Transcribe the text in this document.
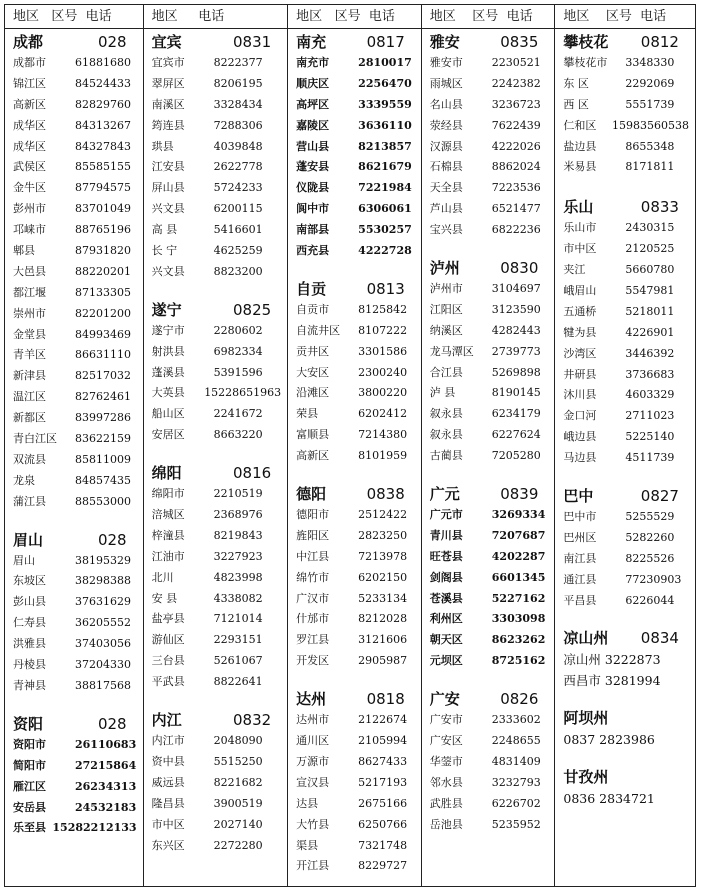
地区   区号  电话
成都	028
成都市	61881680
锦江区	84524433
高新区	82829760
成华区	84313267
成华区	84327843
武侯区	85585155
金牛区	87794575
彭州市	83701049
邛崃市	88765196
郫县	87931820
大邑县	88220201
都江堰	87133305
崇州市	82201200
金堂县	84993469
青羊区	86631110
新津县	82517032
温江区	82762461
新都区	83997286
青白江区	83622159
双流县	85811009
龙泉	84857435
蒲江县	88553000
眉山	028
眉山	38195329
东坡区	38298388
彭山县	37631629
仁寿县	36205552
洪雅县	37403056
丹棱县	37204330
青神县	38817568
资阳	028
资阳市	26110683
简阳市	27215864
雁江区	26234313
安岳县	24532183
乐至县 15282212133
地区     电话
宜宾	0831
宜宾市	8222377
翠屏区	8206195
南溪区	3328434
筠连县	7288306
珙县	4039848
江安县	2622778
屏山县	5724233
兴文县	6200115
高 县	5416601
长 宁	4625259
兴文县	8823200
遂宁	0825
遂宁市	2280602
射洪县	6982334
蓬溪县	5391596
大英县	15228651963
船山区	2241672
安居区	8663220
绵阳	0816
绵阳市	2210519
涪城区	2368976
梓潼县	8219843
江油市	3227923
北川	4823998
安 县	4338082
盐亭县	7121014
游仙区	2293151
三台县	5261067
平武县	8822641
内江	0832
内江市	2048090
资中县	5515250
威远县	8221682
隆昌县	3900519
市中区	2027140
东兴区	2272280
地区   区号  电话
南充	0817
南充市	2810017
顺庆区	2256470
高坪区	3339559
嘉陵区	3636110
营山县	8213857
蓬安县	8621679
仪陇县	7221984
阆中市	6306061
南部县	5530257
西充县	4222728
自贡	0813
自贡市	8125842
自流井区	8107222
贡井区	3301586
大安区	2300240
沿滩区	3800220
荣县	6202412
富顺县	7214380
高新区	8101959
德阳	0838
德阳市	2512422
旌阳区	2823250
中江县	7213978
绵竹市	6202150
广汉市	5233134
什邡市	8212028
罗江县	3121606
开发区	2905987
达州	0818
达州市	2122674
通川区	2105994
万源市	8627433
宣汉县	5217193
达县	2675166
大竹县	6250766
渠县	7321748
开江县	8229727
地区    区号  电话
雅安	0835
雅安市	2230521
雨城区	2242382
名山县	3236723
荥经县	7622439
汉源县	4222026
石棉县	8862024
天全县	7223536
芦山县	6521477
宝兴县	6822236
泸州	0830
泸州市	3104697
江阳区	3123590
纳溪区	4282443
龙马潭区	2739773
合江县	5269898
泸 县	8190145
叙永县	6234179
叙永县	6227624
古蔺县	7205280
广元	0839
广元市	3269334
青川县	7207687
旺苍县	4202287
剑阁县	6601345
苍溪县	5227162
利州区	3303098
朝天区	8623262
元坝区	8725162
广安	0826
广安市	2333602
广安区	2248655
华蓥市	4831409
邻水县	3232793
武胜县	6226702
岳池县	5235952
地区    区号  电话
攀枝花 0812
攀枝花市	3348330
东 区	2292069
西 区	5551739
仁和区	15983560538
盐边县	8655348
米易县	8171811
乐山	0833
乐山市	2430315
市中区	2120525
夹江	5660780
峨眉山	5547981
五通桥	5218011
犍为县	4226901
沙湾区	3446392
井研县	3736683
沐川县	4603329
金口河	2711023
峨边县	5225140
马边县	4511739
巴中	0827
巴中市	5255529
巴州区	5282260
南江县	8225526
通江县	77230903
平昌县	6226044
凉山州 0834
凉山州 3222873
西昌市 3281994
阿坝州
0837 2823986
甘孜州
0836 2834721
